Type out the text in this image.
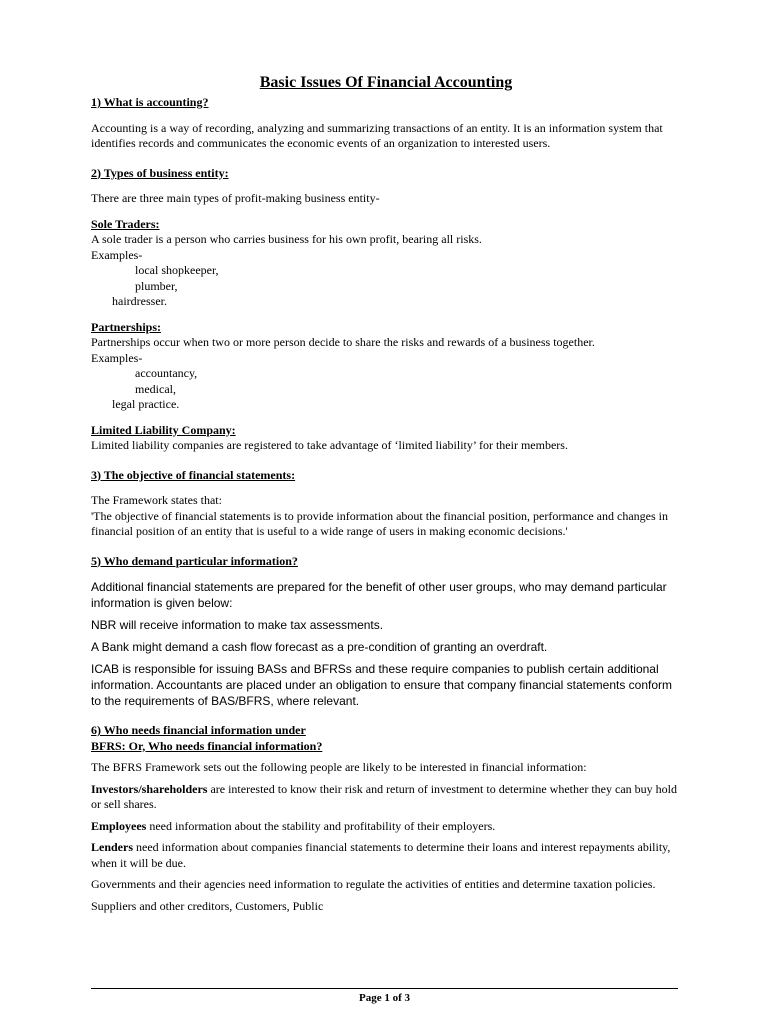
Basic Issues Of Financial Accounting

1) What is accounting?

Accounting is a way of recording, analyzing and summarizing transactions of an entity. It is an information system that identifies records and communicates the economic events of an organization to interested users.

2) Types of business entity:

There are three main types of profit-making business entity-

Sole Traders:

A sole trader is a person who carries business for his own profit, bearing all risks.

Examples-

local shopkeeper,

plumber,

hairdresser.

Partnerships:

Partnerships occur when two or more person decide to share the risks and rewards of a business together.

Examples-

accountancy,

medical,

legal practice.

Limited Liability Company:

Limited liability companies are registered to take advantage of ‘limited liability’ for their members.

3) The objective of financial statements:

The Framework states that:

'The objective of financial statements is to provide information about the financial position, performance and changes in financial position of an entity that is useful to a wide range of users in making economic decisions.'

5) Who demand particular information?

Additional financial statements are prepared for the benefit of other user groups, who may demand particular information is given below:

NBR will receive information to make tax assessments.

A Bank might demand a cash flow forecast as a pre-condition of granting an overdraft.

ICAB is responsible for issuing BASs and BFRSs and these require companies to publish certain additional information. Accountants are placed under an obligation to ensure that company financial statements conform to the requirements of BAS/BFRS, where relevant.

6) Who needs financial information under

BFRS: Or, Who needs financial information?

The BFRS Framework sets out the following people are likely to be interested in financial information:

Investors/shareholders are interested to know their risk and return of investment to determine whether they can buy hold or sell shares.

Employees need information about the stability and profitability of their employers.

Lenders need information about companies financial statements to determine their loans and interest repayments ability, when it will be due.

Governments and their agencies need information to regulate the activities of entities and determine taxation policies.

Suppliers and other creditors, Customers, Public

Page 1 of 3
